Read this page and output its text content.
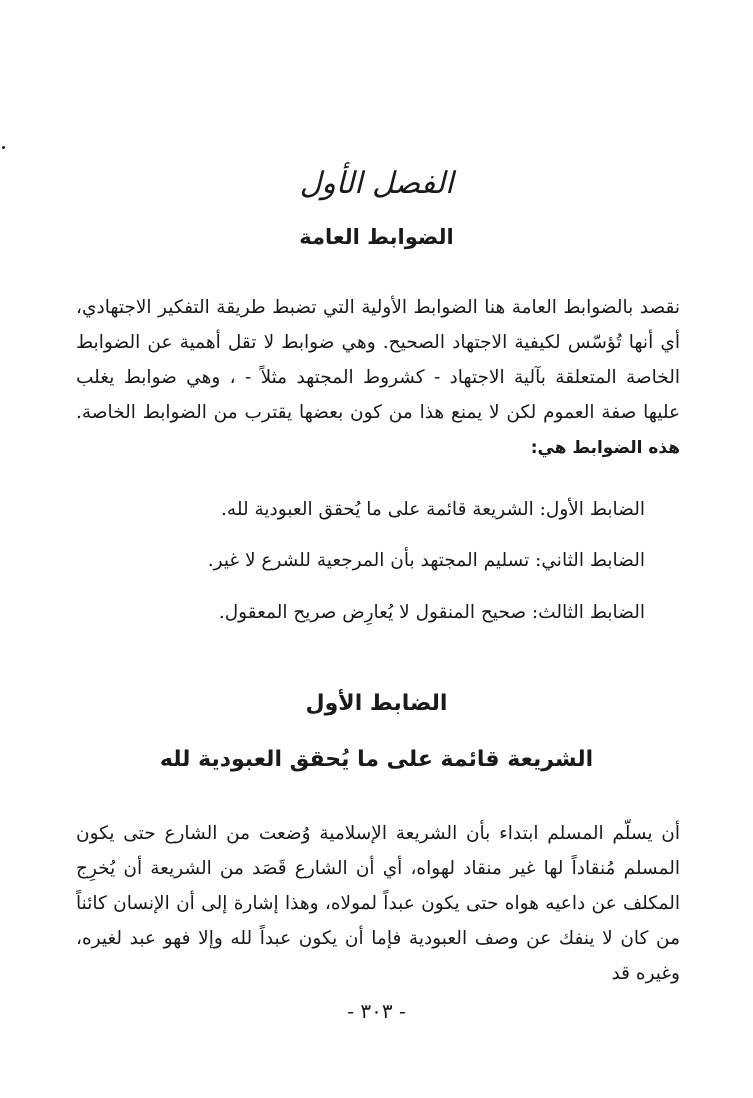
الفصل الأول
الضوابط العامة

نقصد بالضوابط العامة هنا الضوابط الأولية التي تضبط طريقة التفكير الاجتهادي، أي أنها تُؤسّس لكيفية الاجتهاد الصحيح. وهي ضوابط لا تقل أهمية عن الضوابط الخاصة المتعلقة بآلية الاجتهاد - كشروط المجتهد مثلاً - ، وهي ضوابط يغلب عليها صفة العموم لكن لا يمنع هذا من كون بعضها يقترب من الضوابط الخاصة. هذه الضوابط هي:

الضابط الأول: الشريعة قائمة على ما يُحقق العبودية لله.
الضابط الثاني: تسليم المجتهد بأن المرجعية للشرع لا غير.
الضابط الثالث: صحيح المنقول لا يُعارِض صريح المعقول.
الضابط الأول
الشريعة قائمة على ما يُحقق العبودية لله

أن يسلّم المسلم ابتداء بأن الشريعة الإسلامية وُضعت من الشارع حتى يكون المسلم مُنقاداً لها غير منقاد لهواه، أي أن الشارع قَصَد من الشريعة أن يُخرِج المكلف عن داعيه هواه حتى يكون عبداً لمولاه، وهذا إشارة إلى أن الإنسان كائناً من كان لا ينفك عن وصف العبودية فإما أن يكون عبداً لله وإلا فهو عبد لغيره، وغيره قد

- ٣٠٣ -
